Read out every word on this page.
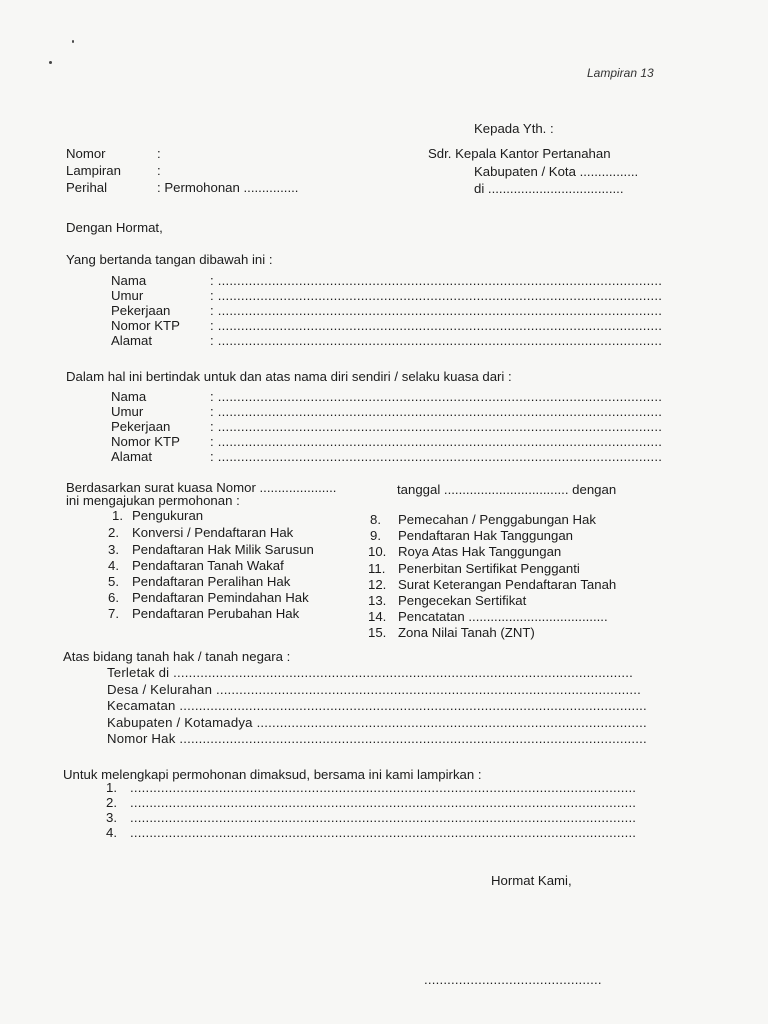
Lampiran 13
Kepada Yth. :
Sdr. Kepala Kantor Pertanahan
Kabupaten / Kota ................
di .....................................
Nomor	:
Lampiran	:
Perihal	: Permohonan ...............
Dengan Hormat,
Yang bertanda tangan dibawah ini :
Nama	: ...................................................................................................................
Umur	: ...................................................................................................................
Pekerjaan	: ...................................................................................................................
Nomor KTP : ...................................................................................................................
Alamat	: ...................................................................................................................
Dalam hal ini bertindak untuk dan atas nama diri sendiri / selaku kuasa dari :
Nama	: ...................................................................................................................
Umur	: ...................................................................................................................
Pekerjaan	: ...................................................................................................................
Nomor KTP : ...................................................................................................................
Alamat	: ...................................................................................................................
Berdasarkan surat kuasa Nomor .....................	tanggal .................................. dengan
ini mengajukan permohonan :
1. Pengukuran
2. Konversi / Pendaftaran Hak
3. Pendaftaran Hak Milik Sarusun
4. Pendaftaran Tanah Wakaf
5. Pendaftaran Peralihan Hak
6. Pendaftaran Pemindahan Hak
7. Pendaftaran Perubahan Hak
8. Pemecahan / Penggabungan Hak
9. Pendaftaran Hak Tanggungan
10. Roya Atas Hak Tanggungan
11. Penerbitan Sertifikat Pengganti
12. Surat Keterangan Pendaftaran Tanah
13. Pengecekan Sertifikat
14. Pencatatan ......................................
15. Zona Nilai Tanah (ZNT)
Atas bidang tanah hak / tanah negara :
Terletak di .......................................................................................................................
Desa / Kelurahan ..............................................................................................................
Kecamatan .........................................................................................................................
Kabupaten / Kotamadya .....................................................................................................
Nomor Hak .........................................................................................................................
Untuk melengkapi permohonan dimaksud, bersama ini kami lampirkan :
1. ...................................................................................................................................
2. ...................................................................................................................................
3. ...................................................................................................................................
4. ...................................................................................................................................
Hormat Kami,
..............................................
